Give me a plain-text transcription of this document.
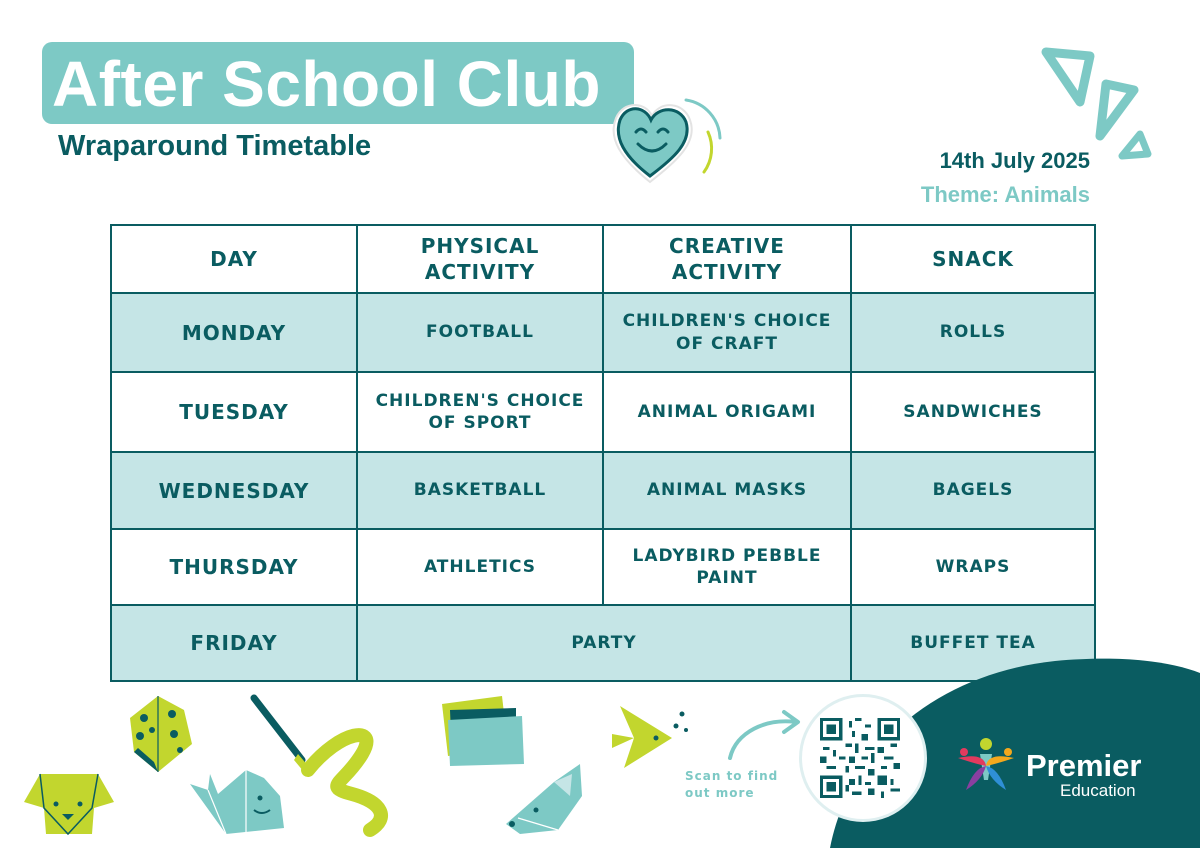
After School Club
Wraparound Timetable	14th July 2025
Theme: Animals
DAY	PHYSICAL ACTIVITY	CREATIVE ACTIVITY	SNACK
MONDAY	FOOTBALL	CHILDREN'S CHOICE OF CRAFT	ROLLS
TUESDAY	CHILDREN'S CHOICE OF SPORT	ANIMAL ORIGAMI	SANDWICHES
WEDNESDAY	BASKETBALL	ANIMAL MASKS	BAGELS
THURSDAY	ATHLETICS	LADYBIRD PEBBLE PAINT	WRAPS
FRIDAY	PARTY		BUFFET TEA
Scan to find out more
Premier
Education
